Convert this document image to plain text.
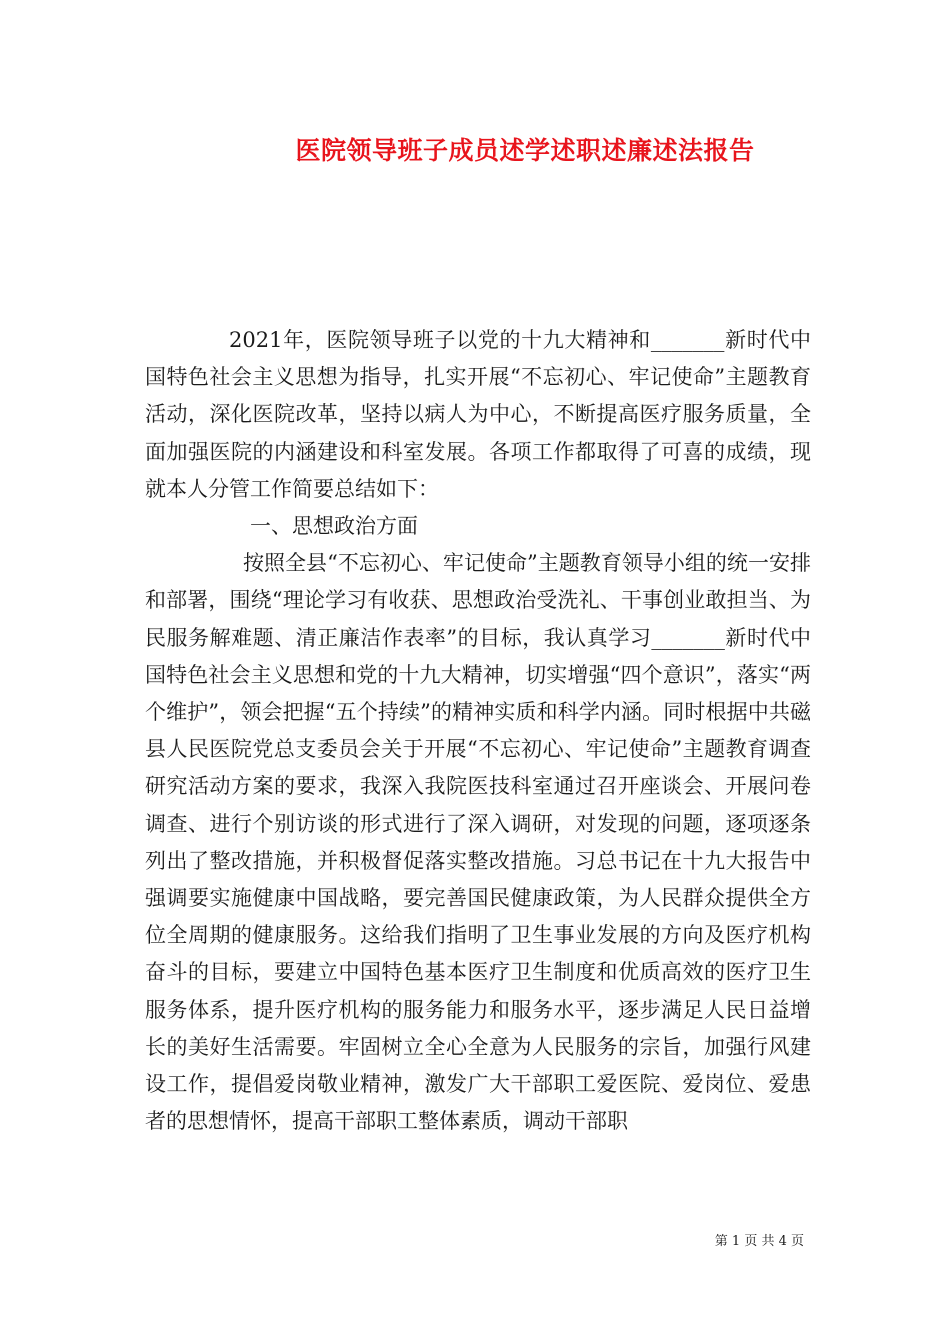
医院领导班子成员述学述职述廉述法报告

2021年，医院领导班子以党的十九大精神和_______新时代中国特色社会主义思想为指导，扎实开展“不忘初心、牢记使命”主题教育活动，深化医院改革，坚持以病人为中心，不断提高医疗服务质量，全面加强医院的内涵建设和科室发展。各项工作都取得了可喜的成绩，现就本人分管工作简要总结如下：

一、思想政治方面

按照全县“不忘初心、牢记使命”主题教育领导小组的统一安排和部署，围绕“理论学习有收获、思想政治受洗礼、干事创业敢担当、为民服务解难题、清正廉洁作表率”的目标，我认真学习_______新时代中国特色社会主义思想和党的十九大精神，切实增强“四个意识”，落实“两个维护”，领会把握“五个持续”的精神实质和科学内涵。同时根据中共磁县人民医院党总支委员会关于开展“不忘初心、牢记使命”主题教育调查研究活动方案的要求，我深入我院医技科室通过召开座谈会、开展问卷调查、进行个别访谈的形式进行了深入调研，对发现的问题，逐项逐条列出了整改措施，并积极督促落实整改措施。习总书记在十九大报告中强调要实施健康中国战略，要完善国民健康政策，为人民群众提供全方位全周期的健康服务。这给我们指明了卫生事业发展的方向及医疗机构奋斗的目标，要建立中国特色基本医疗卫生制度和优质高效的医疗卫生服务体系，提升医疗机构的服务能力和服务水平，逐步满足人民日益增长的美好生活需要。牢固树立全心全意为人民服务的宗旨，加强行风建设工作，提倡爱岗敬业精神，激发广大干部职工爱医院、爱岗位、爱患者的思想情怀，提高干部职工整体素质，调动干部职

第 1 页 共 4 页
